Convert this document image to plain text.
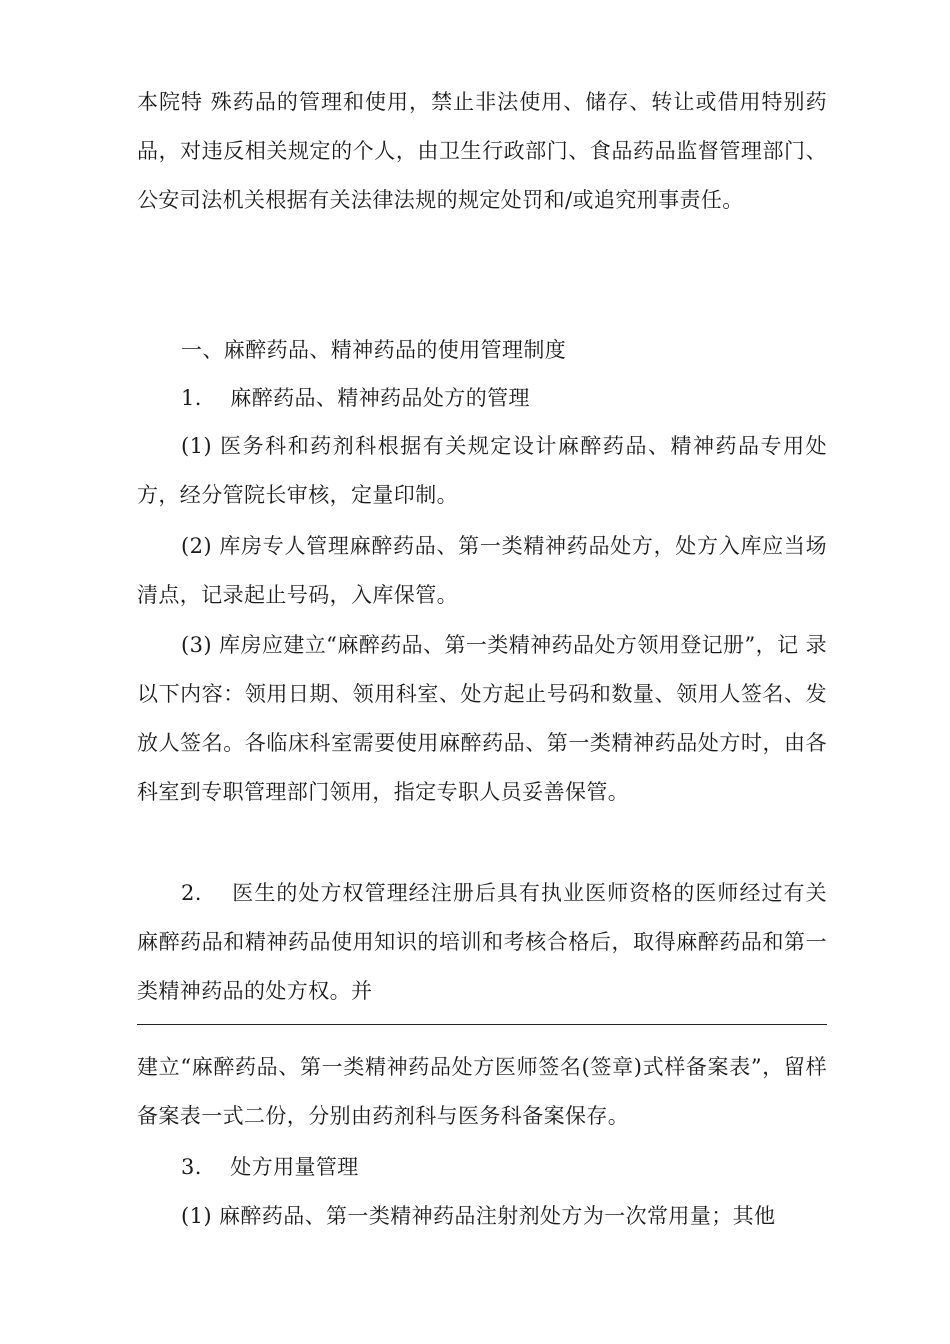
本院特 殊药品的管理和使用，禁止非法使用、储存、转让或借用特别药品，对违反相关规定的个人，由卫生行政部门、食品药品监督管理部门、公安司法机关根据有关法律法规的规定处罚和/或追究刑事责任。

一、麻醉药品、精神药品的使用管理制度

1.　 麻醉药品、精神药品处方的管理

(1) 医务科和药剂科根据有关规定设计麻醉药品、精神药品专用处方，经分管院长审核，定量印制。

(2) 库房专人管理麻醉药品、第一类精神药品处方，处方入库应当场清点，记录起止号码，入库保管。

(3) 库房应建立“麻醉药品、第一类精神药品处方领用登记册”，记 录以下内容：领用日期、领用科室、处方起止号码和数量、领用人签名、发放人签名。各临床科室需要使用麻醉药品、第一类精神药品处方时，由各科室到专职管理部门领用，指定专职人员妥善保管。

2.　 医生的处方权管理经注册后具有执业医师资格的医师经过有关麻醉药品和精神药品使用知识的培训和考核合格后，取得麻醉药品和第一类精神药品的处方权。并

建立“麻醉药品、第一类精神药品处方医师签名(签章)式样备案表”，留样备案表一式二份，分别由药剂科与医务科备案保存。

3.　 处方用量管理

(1) 麻醉药品、第一类精神药品注射剂处方为一次常用量；其他
